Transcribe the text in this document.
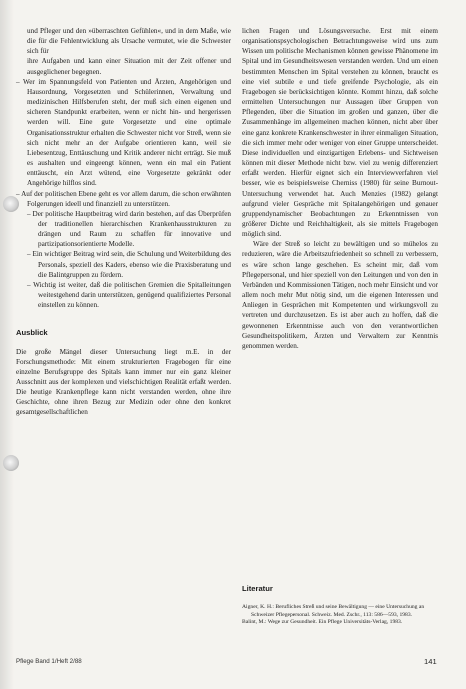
und Pfleger und den »überraschten Gefühlen«, und in dem Maße, wie die für die Fehlentwicklung als Ursache vermutet, wie die Schwester sich für

ihre Aufgaben und kann einer Situation mit der Zeit offener und ausgeglichener begegnen.

– Wer im Spannungsfeld von Patienten und Ärzten, Angehörigen und Hausordnung, Vorgesetzten und Schülerinnen, Verwaltung und medizinischen Hilfsberufen steht, der muß sich einen eigenen und sicheren Standpunkt erarbeiten, wenn er nicht hin- und hergerissen werden will. Eine gute Vorgesetzte und eine optimale Organisationsstruktur erhalten die Schwester nicht vor Streß, wenn sie sich nicht mehr an der Aufgabe orientieren kann, weil sie Liebesentzug, Enttäuschung und Kritik anderer nicht erträgt. Sie muß es aushalten und eingeengt können, wenn ein mal ein Patient enttäuscht, ein Arzt wütend, eine Vorgesetzte gekränkt oder Angehörige hilflos sind.

– Auf der politischen Ebene geht es vor allem darum, die schon erwähnten Folgerungen ideell und finanziell zu unterstützen.

– Der politische Hauptbeitrag wird darin bestehen, auf das Überprüfen der traditionellen hierarchischen Krankenhausstrukturen zu drängen und Raum zu schaffen für innovative und partizipationsorientierte Modelle.

– Ein wichtiger Beitrag wird sein, die Schulung und Weiterbildung des Personals, speziell des Kaders, ebenso wie die Praxisberatung und die Balintgruppen zu fördern.

– Wichtig ist weiter, daß die politischen Gremien die Spitalleitungen weitestgehend darin unterstützen, genügend qualifiziertes Personal einstellen zu können.

Ausblick

Die große Mängel dieser Untersuchung liegt m.E. in der Forschungsmethode: Mit einem strukturierten Fragebogen für eine einzelne Berufsgruppe des Spitals kann immer nur ein ganz kleiner Ausschnitt aus der komplexen und vielschichtigen Realität erfaßt werden. Die heutige Krankenpflege kann nicht verstanden werden, ohne ihre Geschichte, ohne ihren Bezug zur Medizin oder ohne den konkret gesamtgesellschaftlichen

lichen Fragen und Lösungsversuche. Erst mit einem organisationspsychologischen Betrachtungsweise wird uns zum Wissen um politische Mechanismen können gewisse Phänomene im Spital und im Gesundheitswesen verstanden werden. Und um einen bestimmten Menschen im Spital verstehen zu können, braucht es eine viel subtile e und tiefe greifende Psychologie, als ein Fragebogen sie berücksichtigen könnte. Kommt hinzu, daß solche ermittelten Untersuchungen nur Aussagen über Gruppen von Pflegenden, über die Situation im großen und ganzen, über die Zusammenhänge im allgemeinen machen können, nicht aber über eine ganz konkrete Krankenschwester in ihrer einmaligen Situation, die sich immer mehr oder weniger von einer Gruppe unterscheidet. Diese individuellen und einzigartigen Erlebens- und Sichtweisen können mit dieser Methode nicht bzw. viel zu wenig differenziert erfaßt werden. Hierfür eignet sich ein Interviewverfahren viel besser, wie es beispielsweise Cherniss (1980) für seine Burnout-Untersuchung verwendet hat. Auch Menzies (1982) gelangt aufgrund vieler Gespräche mit Spitalangehörigen und genauer gruppendynamischer Beobachtungen zu Erkenntnissen von größerer Dichte und Reichhaltigkeit, als sie mittels Fragebogen möglich sind.

Wäre der Streß so leicht zu bewältigen und so mühelos zu reduzieren, wäre die Arbeitszufriedenheit so schnell zu verbessern, es wäre schon lange geschehen. Es scheint mir, daß vom Pflegepersonal, und hier speziell von den Leitungen und von den in Verbänden und Kommissionen Tätigen, noch mehr Einsicht und vor allem noch mehr Mut nötig sind, um die eigenen Interessen und Anliegen in Gesprächen mit Kompetenten und wirkungsvoll zu vertreten und durchzusetzen. Es ist aber auch zu hoffen, daß die gewonnenen Erkenntnisse auch von den verantwortlichen Gesundheitspolitikern, Ärzten und Verwaltern zur Kenntnis genommen werden.

Literatur

Aigner, K. H.: Berufliches Streß und seine Bewältigung — eine Untersuchung an Schweizer Pflegepersonal. Schweiz. Med. Zschr., 113: 586—593, 1983.

Balint, M.: Wege zur Gesundheit. Ein Pflege Universitäts-Verlag, 1983.

Pflege Band 1/Heft 2/88	141
